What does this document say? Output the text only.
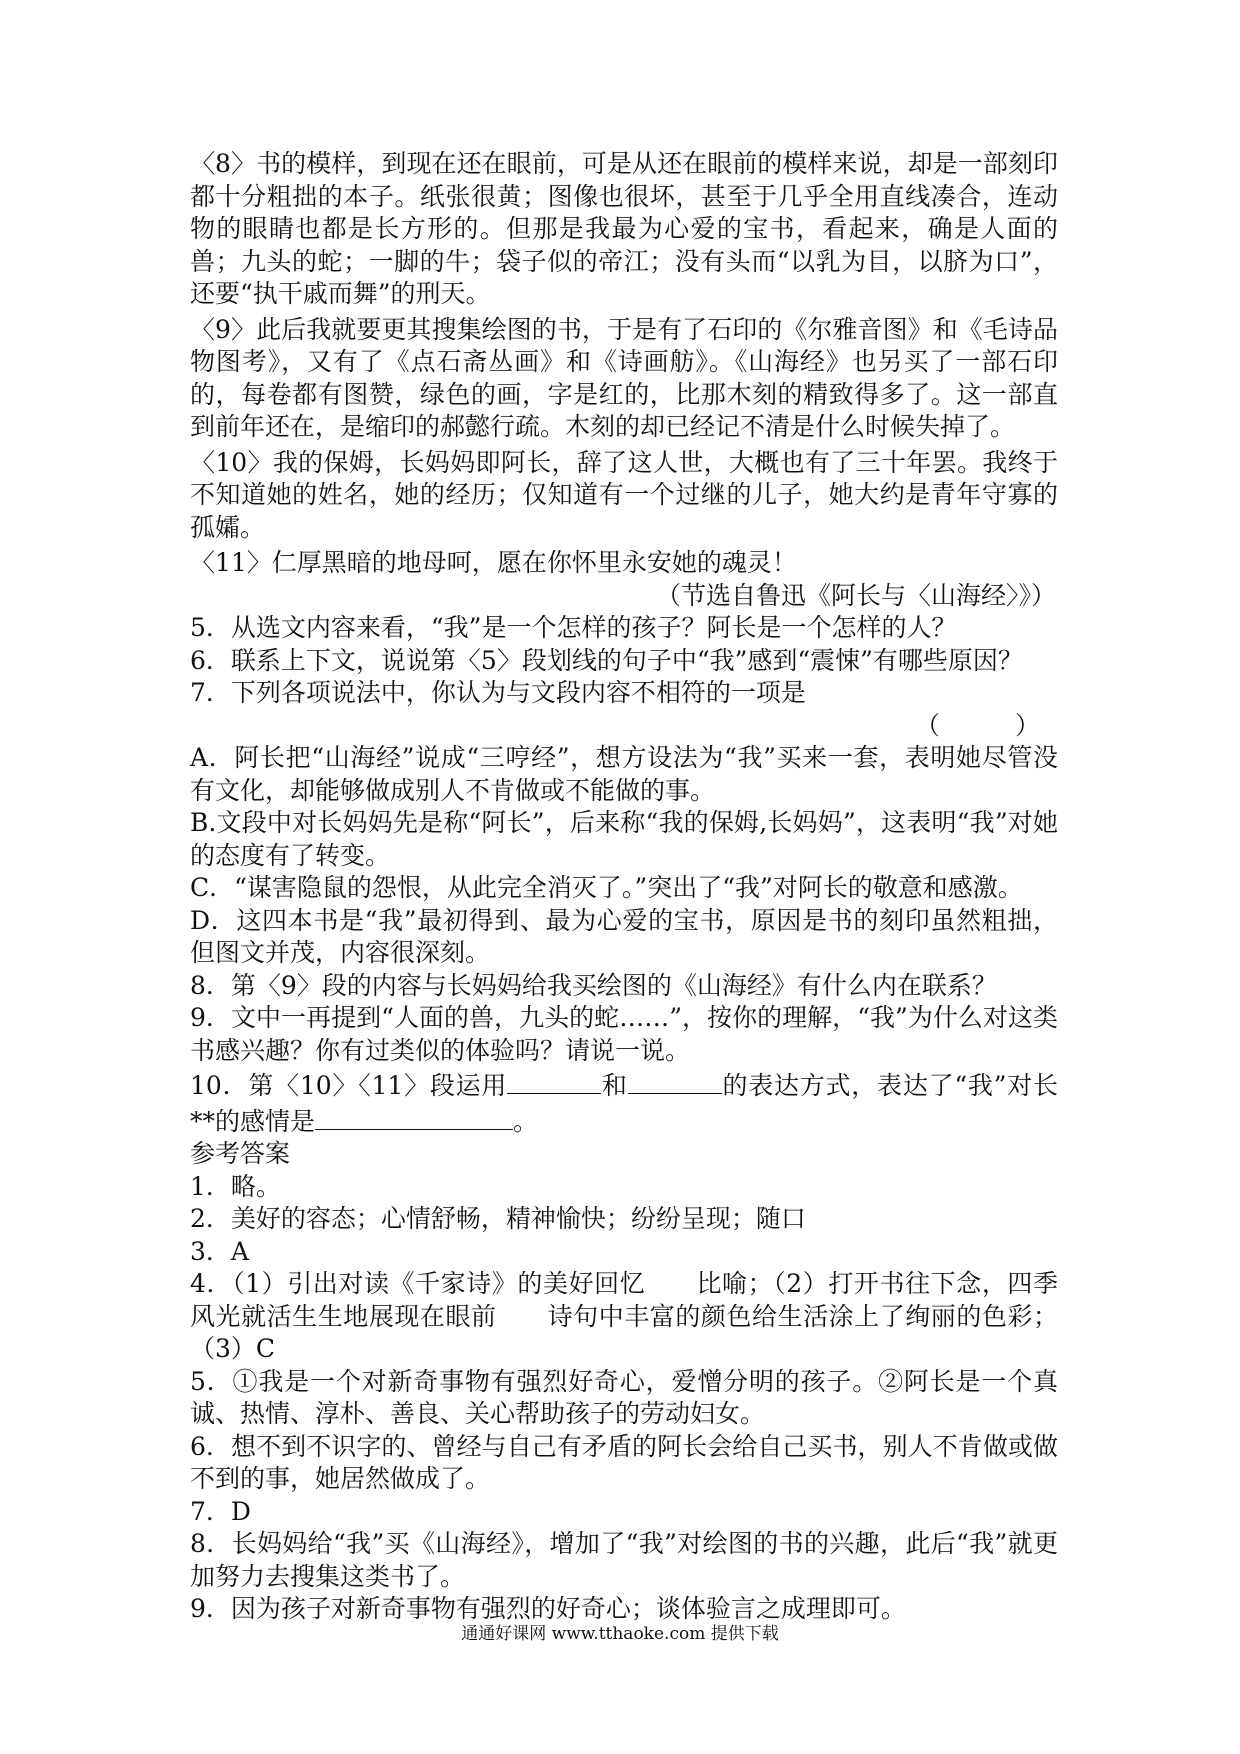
〈8〉书的模样，到现在还在眼前，可是从还在眼前的模样来说，却是一部刻印都十分粗拙的本子。纸张很黄；图像也很坏，甚至于几乎全用直线凑合，连动物的眼睛也都是长方形的。但那是我最为心爱的宝书，看起来，确是人面的兽；九头的蛇；一脚的牛；袋子似的帝江；没有头而“以乳为目，以脐为口”，还要“执干戚而舞”的刑天。

〈9〉此后我就要更其搜集绘图的书，于是有了石印的《尔雅音图》和《毛诗品物图考》，又有了《点石斋丛画》和《诗画舫》。《山海经》也另买了一部石印的，每卷都有图赞，绿色的画，字是红的，比那木刻的精致得多了。这一部直到前年还在，是缩印的郝懿行疏。木刻的却已经记不清是什么时候失掉了。

〈10〉我的保姆，长妈妈即阿长，辞了这人世，大概也有了三十年罢。我终于不知道她的姓名，她的经历；仅知道有一个过继的儿子，她大约是青年守寡的孤孀。

〈11〉仁厚黑暗的地母呵，愿在你怀里永安她的魂灵！

（节选自鲁迅《阿长与〈山海经〉》）

5．从选文内容来看，“我”是一个怎样的孩子？阿长是一个怎样的人？

6．联系上下文，说说第〈5〉段划线的句子中“我”感到“震悚”有哪些原因？

7．下列各项说法中，你认为与文段内容不相符的一项是

（　　　）

A．阿长把“山海经”说成“三哼经”，想方设法为“我”买来一套，表明她尽管没有文化，却能够做成别人不肯做或不能做的事。

B.文段中对长妈妈先是称“阿长”，后来称“我的保姆,长妈妈”，这表明“我”对她的态度有了转变。

C．“谋害隐鼠的怨恨，从此完全消灭了。”突出了“我”对阿长的敬意和感激。

D．这四本书是“我”最初得到、最为心爱的宝书，原因是书的刻印虽然粗拙，但图文并茂，内容很深刻。

8．第〈9〉段的内容与长妈妈给我买绘图的《山海经》有什么内在联系？

9．文中一再提到“人面的兽，九头的蛇……”，按你的理解，“我”为什么对这类书感兴趣？你有过类似的体验吗？请说一说。

10．第〈10〉〈11〉段运用	和	的表达方式，表达了“我”对长**的感情是	。

参考答案

1．略。

2．美好的容态；心情舒畅，精神愉快；纷纷呈现；随口

3．A

4．（1）引出对读《千家诗》的美好回忆　　比喻；（2）打开书往下念，四季风光就活生生地展现在眼前　　诗句中丰富的颜色给生活涂上了绚丽的色彩；（3）C

5．①我是一个对新奇事物有强烈好奇心，爱憎分明的孩子。②阿长是一个真诚、热情、淳朴、善良、关心帮助孩子的劳动妇女。

6．想不到不识字的、曾经与自己有矛盾的阿长会给自己买书，别人不肯做或做不到的事，她居然做成了。

7．D

8．长妈妈给“我”买《山海经》，增加了“我”对绘图的书的兴趣，此后“我”就更加努力去搜集这类书了。

9．因为孩子对新奇事物有强烈的好奇心；谈体验言之成理即可。

通通好课网 www.tthaoke.com 提供下载
